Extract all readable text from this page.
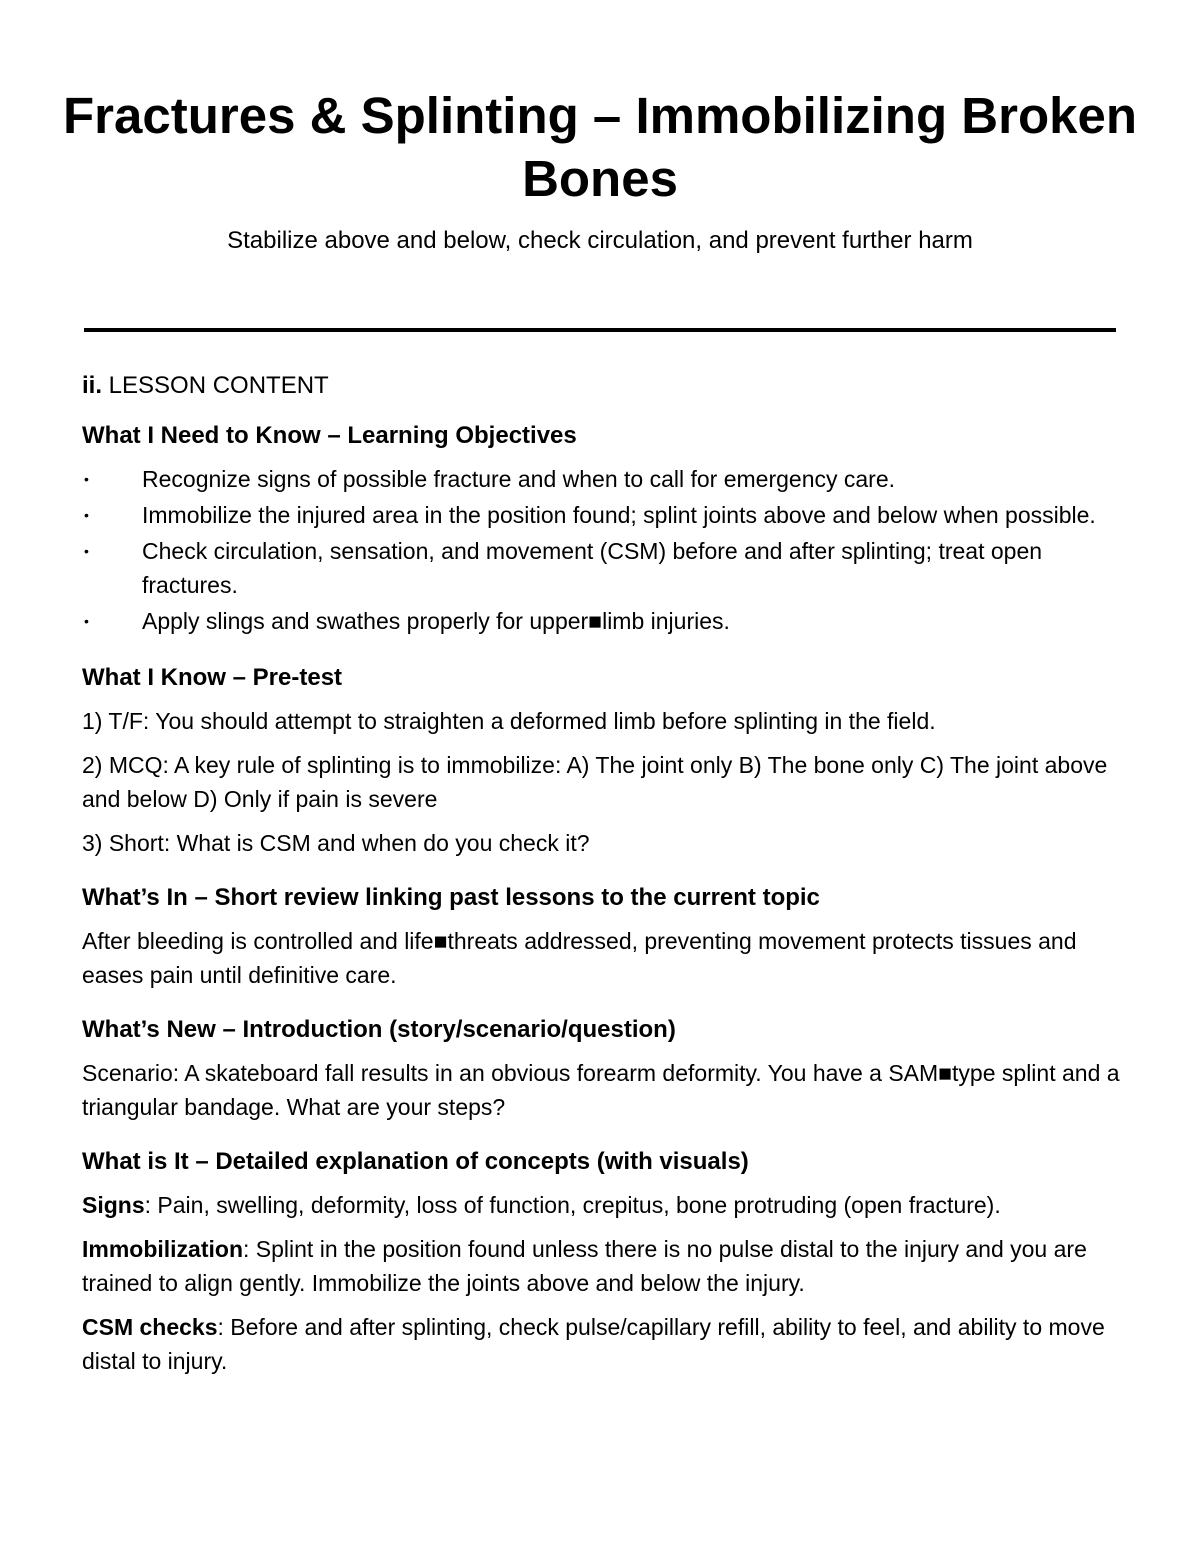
Fractures & Splinting – Immobilizing Broken Bones
Stabilize above and below, check circulation, and prevent further harm
ii. LESSON CONTENT
What I Need to Know – Learning Objectives
• Recognize signs of possible fracture and when to call for emergency care.
• Immobilize the injured area in the position found; splint joints above and below when possible.
• Check circulation, sensation, and movement (CSM) before and after splinting; treat open fractures.
• Apply slings and swathes properly for upper■limb injuries.
What I Know – Pre-test

1) T/F: You should attempt to straighten a deformed limb before splinting in the field.

2) MCQ: A key rule of splinting is to immobilize: A) The joint only B) The bone only C) The joint above and below D) Only if pain is severe

3) Short: What is CSM and when do you check it?

What’s In – Short review linking past lessons to the current topic

After bleeding is controlled and life■threats addressed, preventing movement protects tissues and eases pain until definitive care.

What’s New – Introduction (story/scenario/question)

Scenario: A skateboard fall results in an obvious forearm deformity. You have a SAM■type splint and a triangular bandage. What are your steps?

What is It – Detailed explanation of concepts (with visuals)

Signs: Pain, swelling, deformity, loss of function, crepitus, bone protruding (open fracture).

Immobilization: Splint in the position found unless there is no pulse distal to the injury and you are trained to align gently. Immobilize the joints above and below the injury.

CSM checks: Before and after splinting, check pulse/capillary refill, ability to feel, and ability to move distal to injury.
